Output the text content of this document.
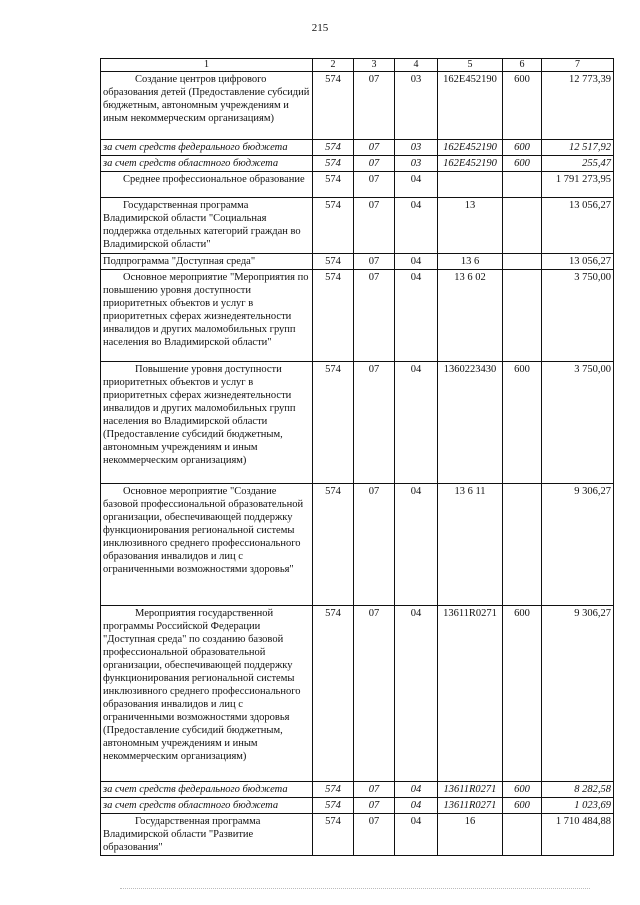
215
1	2	3	4	5	6	7
Создание центров цифрового образования детей (Предоставление субсидий бюджетным, автономным учреждениям и иным некоммерческим организациям)	574	07	03	162E452190	600	12 773,39
за счет средств федерального бюджета	574	07	03	162E452190	600	12 517,92
за счет средств областного бюджета	574	07	03	162E452190	600	255,47
Среднее профессиональное образование	574	07	04			1 791 273,95
Государственная программа Владимирской области "Социальная поддержка отдельных категорий граждан во Владимирской области"	574	07	04	13		13 056,27
Подпрограмма "Доступная среда"	574	07	04	13 6		13 056,27
Основное мероприятие "Мероприятия по повышению уровня доступности приоритетных объектов и услуг в приоритетных сферах жизнедеятельности инвалидов и других маломобильных групп населения во Владимирской области"	574	07	04	13 6 02		3 750,00
Повышение уровня доступности приоритетных объектов и услуг в приоритетных сферах жизнедеятельности инвалидов и других маломобильных групп населения во Владимирской области (Предоставление субсидий бюджетным, автономным учреждениям и иным некоммерческим организациям)	574	07	04	1360223430	600	3 750,00
Основное мероприятие "Создание базовой профессиональной образовательной организации, обеспечивающей поддержку функционирования региональной системы инклюзивного среднего профессионального образования инвалидов и лиц с ограниченными возможностями здоровья"	574	07	04	13 6 11		9 306,27
Мероприятия государственной программы Российской Федерации "Доступная среда" по созданию базовой профессиональной образовательной организации, обеспечивающей поддержку функционирования региональной системы инклюзивного среднего профессионального образования инвалидов и лиц с ограниченными возможностями здоровья (Предоставление субсидий бюджетным, автономным учреждениям и иным некоммерческим организациям)	574	07	04	13611R0271	600	9 306,27
за счет средств федерального бюджета	574	07	04	13611R0271	600	8 282,58
за счет средств областного бюджета	574	07	04	13611R0271	600	1 023,69
Государственная программа Владимирской области "Развитие образования"	574	07	04	16		1 710 484,88
